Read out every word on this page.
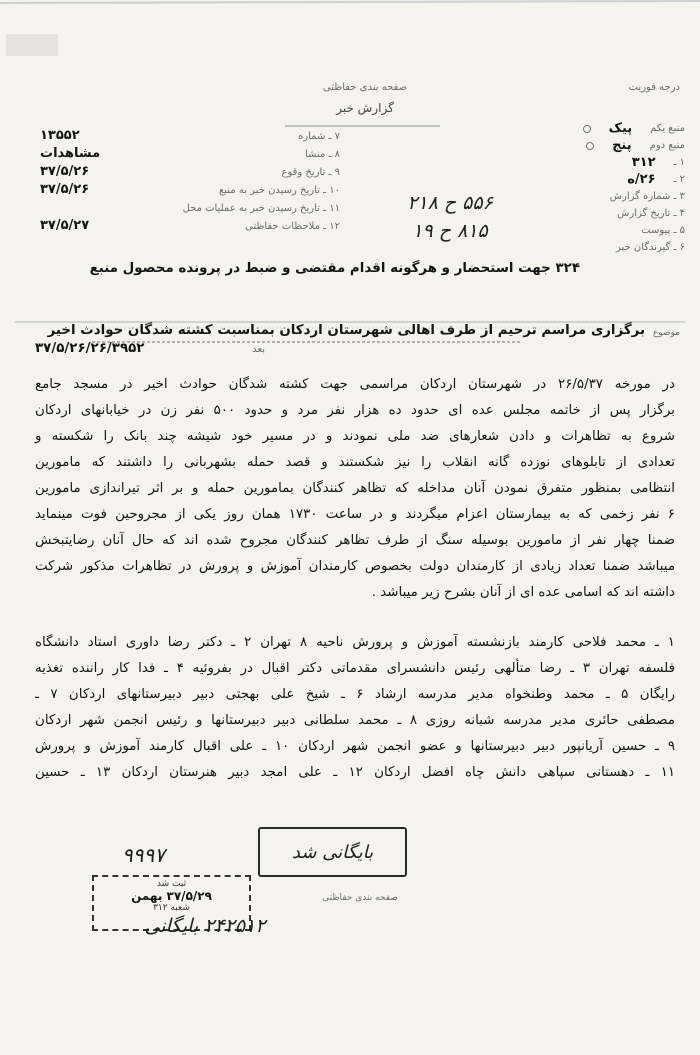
صفحه بندی حفاظتی
گزارش خبر
درجه فوریت
۷ ـ شماره
۱۳۵۵۲
۸ ـ منشا
مشاهدات
۹ ـ تاریخ وقوع
۳۷/۵/۲۶
۱۰ ـ تاریخ رسیدن خبر به منبع
۳۷/۵/۲۶
۱۱ ـ تاریخ رسیدن خبر به عملیات محل
۱۲ ـ ملاحظات حفاظتی
۳۷/۵/۲۷
منبع یکم
پیک
منبع دوم
پنج
۱ ـ
۳۱۲
۲ ـ
۲۶/ه
۳ ـ شماره گزارش
۴ ـ تاریخ گزارش
۵ ـ پیوست
۶ ـ گیرندگان خبر
۵۵۶ ح ۲۱۸
۸۱۵ ح ۱۹
۳۲۴ جهت استحضار و هرگونه اقدام مقتضی و ضبط در پرونده محصول منبع
موضوع
برگزاری مراسم ترحیم از طرف اهالی شهرستان اردکان بمناسبت کشته شدگان حوادث اخیر
بعد
۳۷/۵/۲۶/۲۶/۳۹۵۲
در مورخه ۲۶/۵/۳۷ در شهرستان اردکان مراسمی جهت کشته شدگان حوادث اخیر در مسجد جامع
برگزار پس از خاتمه مجلس عده ای حدود ده هزار نفر مرد و حدود ۵۰۰ نفر زن در خیابانهای اردکان
شروع به تظاهرات و دادن شعارهای ضد ملی نمودند و در مسیر خود شیشه چند بانک را شکسته و
تعدادی از تابلوهای نوزده گانه انقلاب را نیز شکستند و قصد حمله بشهربانی را داشتند که مامورین
انتظامی بمنظور متفرق نمودن آنان مداخله که تظاهر کنندگان بمامورین حمله و بر اثر تیراندازی مامورین
۶ نفر زخمی که به بیمارستان اعزام میگردند و در ساعت ۱۷۳۰ همان روز یکی از مجروحین فوت مینماید
ضمنا چهار نفر از مامورین بوسیله سنگ از طرف تظاهر کنندگان مجروح شده اند که حال آنان رضایتبخش
میباشد ضمنا تعداد زیادی از کارمندان دولت بخصوص کارمندان آموزش و پرورش در تظاهرات مذکور شرکت
داشته اند که اسامی عده ای از آنان بشرح زیر میباشد .
۱ ـ محمد فلاحی کارمند بازنشسته آموزش و پرورش ناحیه ۸ تهران ۲ ـ دکتر رضا داوری استاد دانشگاه
فلسفه تهران ۳ ـ رضا متألهی رئیس دانشسرای مقدماتی دکتر اقبال در بفروئیه ۴ ـ فدا کار راننده تغذیه
رایگان ۵ ـ محمد وطنخواه مدیر مدرسه ارشاد ۶ ـ شیخ علی بهجتی دبیر دبیرستانهای اردکان ۷ ـ
مصطفی حائری مدیر مدرسه شبانه روزی ۸ ـ محمد سلطانی دبیر دبیرستانها و رئیس انجمن شهر اردکان
۹ ـ حسین آریانپور دبیر دبیرستانها و عضو انجمن شهر اردکان ۱۰ ـ علی اقبال کارمند آموزش و پرورش
۱۱ ـ دهستانی سپاهی دانش چاه افضل اردکان ۱۲ ـ علی امجد دبیر هنرستان اردکان ۱۳ ـ حسین
۹۹۹۷	بایگانی شد
ثبت شد
۳۷/۵/۲۹ بهمن
شعبه ۳۱۲
صفحه بندی حفاظتی
۲۴۲۵۱۲ بایگانی
